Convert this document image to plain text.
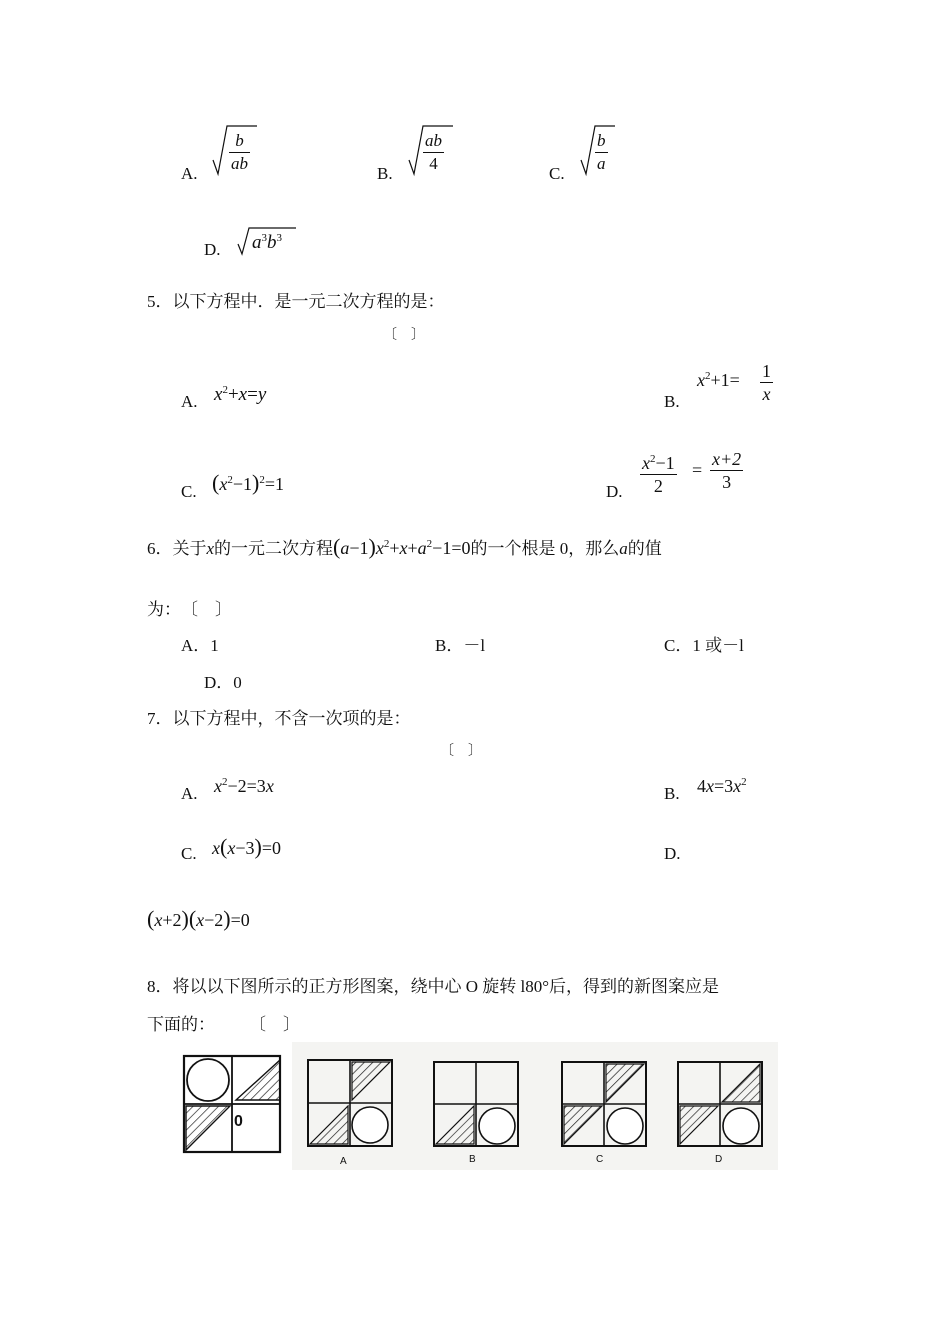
A. $\frac{b}{ab}$	B. $\frac{ab}{4}$	C. $\frac{b}{a}$
D. $a^3b^3$
5．以下方程中．是一元二次方程的是：
〔　〕
A. $x^2+x=y$	B.
$x^2+1= \frac{1}{x}$
C. $(x^2-1)^2=1$	D. $\frac{x^2-1}{2} = \frac{x+2}{3}$
6．关于x的一元二次方程$(a-1)x^2+x+a^2-1=0$的一个根是 0，那么a的值
为：　〔　〕
A．1	B．－l	C．1 或－l
D．0
7．以下方程中，不含一次项的是：
〔　〕
A. $x^2-2=3x$	B. $4x=3x^2$
C. x(x−3)=0	D.
(x+2)(x−2)=0
8．将以以下图所示的正方形图案，绕中心 O 旋转 l80°后，得到的新图案应是
下面的：　　　〔　〕
0
A	B	C	D
